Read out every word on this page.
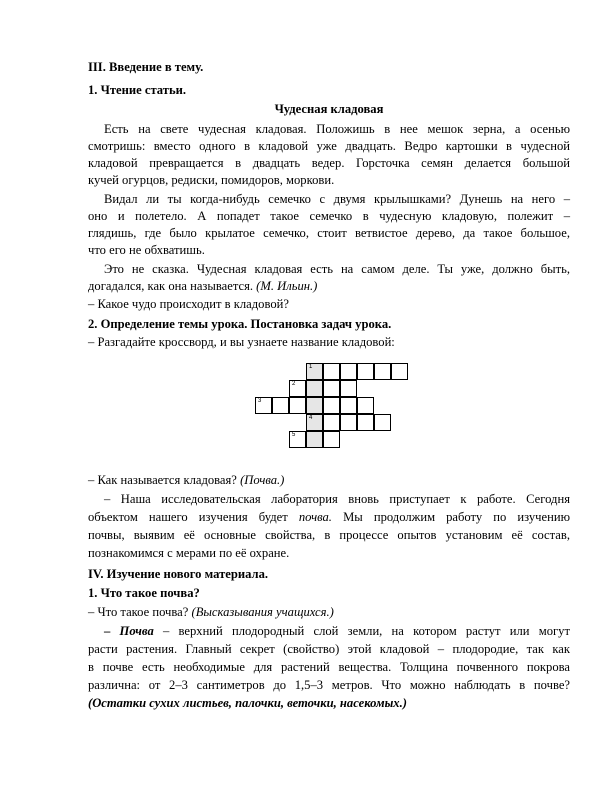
III. Введение в тему.
1. Чтение статьи.
Чудесная кладовая
Есть на свете чудесная кладовая. Положишь в нее мешок зерна, а осенью
смотришь: вместо одного в кладовой уже двадцать. Ведро картошки в чудесной
кладовой превращается в двадцать ведер. Горсточка семян делается большой
кучей огурцов, редиски, помидоров, моркови.
Видал ли ты когда-нибудь семечко с двумя крылышками? Дунешь на него –
оно и полетело. А попадет такое семечко в чудесную кладовую, полежит –
глядишь, где было крылатое семечко, стоит ветвистое дерево, да такое большое,
что его не обхватишь.
Это не сказка. Чудесная кладовая есть на самом деле. Ты уже, должно быть,
догадался, как она называется. (М. Ильин.)
– Какое чудо происходит в кладовой?
2. Определение темы урока. Постановка задач урока.
– Разгадайте кроссворд, и вы узнаете название кладовой:
1
2
3
4
5
– Как называется кладовая? (Почва.)
– Наша исследовательская лаборатория вновь приступает к работе. Сегодня
объектом нашего изучения будет почва. Мы продолжим работу по изучению
почвы, выявим её основные свойства, в процессе опытов установим её состав,
познакомимся с мерами по её охране.
IV. Изучение нового материала.
1. Что такое почва?
– Что такое почва? (Высказывания учащихся.)
– Почва – верхний плодородный слой земли, на котором растут или могут
расти растения. Главный секрет (свойство) этой кладовой – плодородие, так как
в почве есть необходимые для растений вещества. Толщина почвенного покрова
различна: от 2–3 сантиметров до 1,5–3 метров. Что можно наблюдать в почве?
(Остатки сухих листьев, палочки, веточки, насекомых.)
